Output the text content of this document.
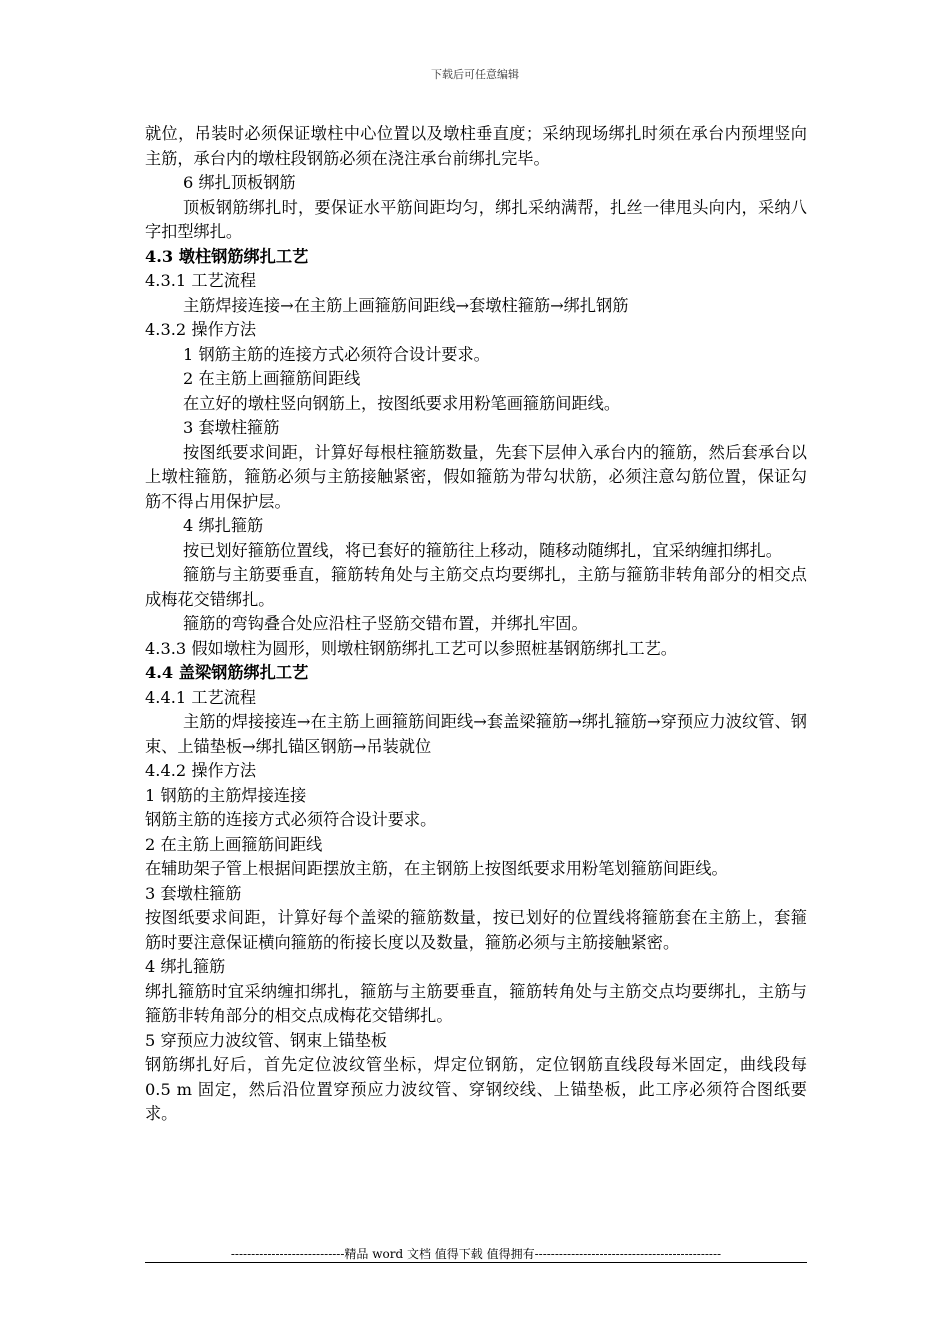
下载后可任意编辑

就位，吊装时必须保证墩柱中心位置以及墩柱垂直度；采纳现场绑扎时须在承台内预埋竖向主筋，承台内的墩柱段钢筋必须在浇注承台前绑扎完毕。

6 绑扎顶板钢筋

顶板钢筋绑扎时，要保证水平筋间距均匀，绑扎采纳满帮，扎丝一律甩头向内，采纳八字扣型绑扎。

4.3 墩柱钢筋绑扎工艺

4.3.1 工艺流程

主筋焊接连接→在主筋上画箍筋间距线→套墩柱箍筋→绑扎钢筋

4.3.2 操作方法

1 钢筋主筋的连接方式必须符合设计要求。

2 在主筋上画箍筋间距线

在立好的墩柱竖向钢筋上，按图纸要求用粉笔画箍筋间距线。

3 套墩柱箍筋

按图纸要求间距，计算好每根柱箍筋数量，先套下层伸入承台内的箍筋，然后套承台以上墩柱箍筋，箍筋必须与主筋接触紧密，假如箍筋为带勾状筋，必须注意勾筋位置，保证勾筋不得占用保护层。

4 绑扎箍筋

按已划好箍筋位置线，将已套好的箍筋往上移动，随移动随绑扎，宜采纳缠扣绑扎。

箍筋与主筋要垂直，箍筋转角处与主筋交点均要绑扎，主筋与箍筋非转角部分的相交点成梅花交错绑扎。

箍筋的弯钩叠合处应沿柱子竖筋交错布置，并绑扎牢固。

4.3.3 假如墩柱为圆形，则墩柱钢筋绑扎工艺可以参照桩基钢筋绑扎工艺。

4.4 盖梁钢筋绑扎工艺

4.4.1 工艺流程

主筋的焊接接连→在主筋上画箍筋间距线→套盖梁箍筋→绑扎箍筋→穿预应力波纹管、钢束、上锚垫板→绑扎锚区钢筋→吊装就位

4.4.2 操作方法

1 钢筋的主筋焊接连接

钢筋主筋的连接方式必须符合设计要求。

2 在主筋上画箍筋间距线

在辅助架子管上根据间距摆放主筋，在主钢筋上按图纸要求用粉笔划箍筋间距线。

3 套墩柱箍筋

按图纸要求间距，计算好每个盖梁的箍筋数量，按已划好的位置线将箍筋套在主筋上，套箍筋时要注意保证横向箍筋的衔接长度以及数量，箍筋必须与主筋接触紧密。

4 绑扎箍筋

绑扎箍筋时宜采纳缠扣绑扎，箍筋与主筋要垂直，箍筋转角处与主筋交点均要绑扎，主筋与箍筋非转角部分的相交点成梅花交错绑扎。

5 穿预应力波纹管、钢束上锚垫板

钢筋绑扎好后，首先定位波纹管坐标，焊定位钢筋，定位钢筋直线段每米固定，曲线段每 0.5 m 固定，然后沿位置穿预应力波纹管、穿钢绞线、上锚垫板，此工序必须符合图纸要求。

----------------------------精品 word 文档 值得下载 值得拥有----------------------------------------------
